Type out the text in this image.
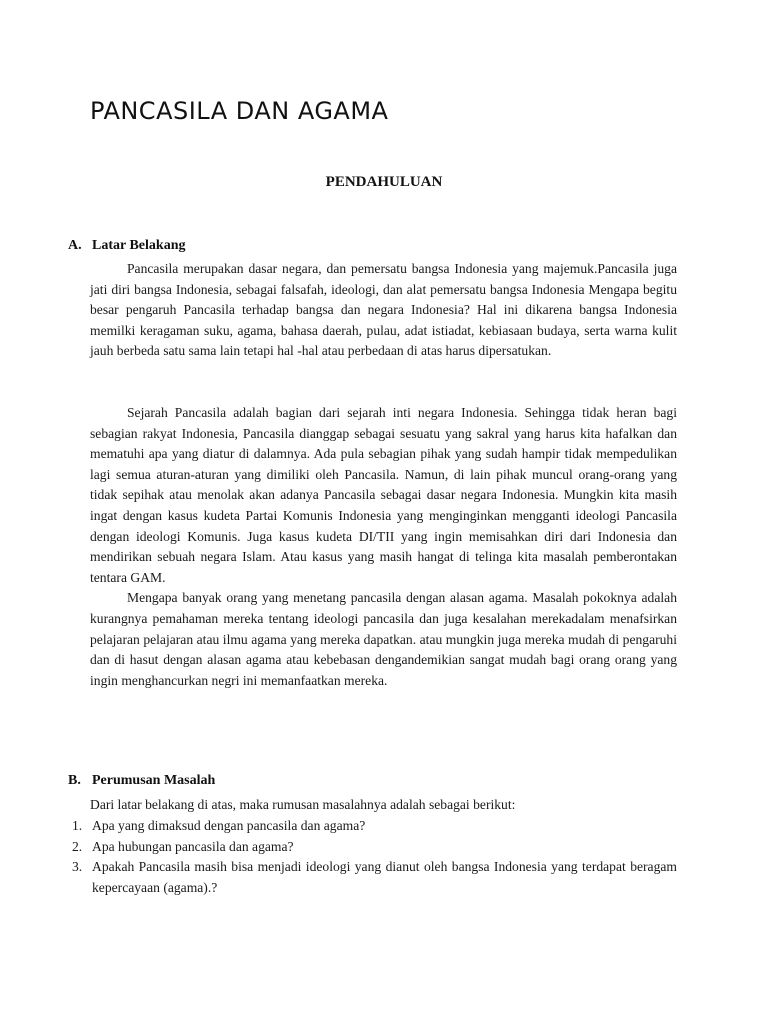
PANCASILA DAN AGAMA
PENDAHULUAN
A. Latar Belakang

Pancasila merupakan dasar negara, dan pemersatu bangsa Indonesia yang majemuk.Pancasila juga jati diri bangsa Indonesia, sebagai falsafah, ideologi, dan alat pemersatu bangsa Indonesia Mengapa begitu besar pengaruh Pancasila terhadap bangsa dan negara Indonesia? Hal ini dikarena bangsa Indonesia memilki keragaman suku, agama, bahasa daerah, pulau, adat istiadat, kebiasaan budaya, serta warna kulit jauh berbeda satu sama lain tetapi hal -hal atau perbedaan di atas harus dipersatukan.

Sejarah Pancasila adalah bagian dari sejarah inti negara Indonesia. Sehingga tidak heran bagi sebagian rakyat Indonesia, Pancasila dianggap sebagai sesuatu yang sakral yang harus kita hafalkan dan mematuhi apa yang diatur di dalamnya. Ada pula sebagian pihak yang sudah hampir tidak mempedulikan lagi semua aturan-aturan yang dimiliki oleh Pancasila. Namun, di lain pihak muncul orang-orang yang tidak sepihak atau menolak akan adanya Pancasila sebagai dasar negara Indonesia. Mungkin kita masih ingat dengan kasus kudeta Partai Komunis Indonesia yang menginginkan mengganti ideologi Pancasila dengan ideologi Komunis. Juga kasus kudeta DI/TII yang ingin memisahkan diri dari Indonesia dan mendirikan sebuah negara Islam. Atau kasus yang masih hangat di telinga kita masalah pemberontakan tentara GAM.

Mengapa banyak orang yang menetang pancasila dengan alasan agama. Masalah pokoknya adalah kurangnya pemahaman mereka tentang ideologi pancasila dan juga kesalahan merekadalam menafsirkan pelajaran pelajaran atau ilmu agama yang mereka dapatkan. atau mungkin juga mereka mudah di pengaruhi dan di hasut dengan alasan agama atau kebebasan dengandemikian sangat mudah bagi orang orang yang ingin menghancurkan negri ini memanfaatkan mereka.

B. Perumusan Masalah

Dari latar belakang di atas, maka rumusan masalahnya adalah sebagai berikut:

1. Apa yang dimaksud dengan pancasila dan agama?
2. Apa hubungan pancasila dan agama?
3. Apakah Pancasila masih bisa menjadi ideologi yang dianut oleh bangsa Indonesia yang terdapat beragam kepercayaan (agama).?
